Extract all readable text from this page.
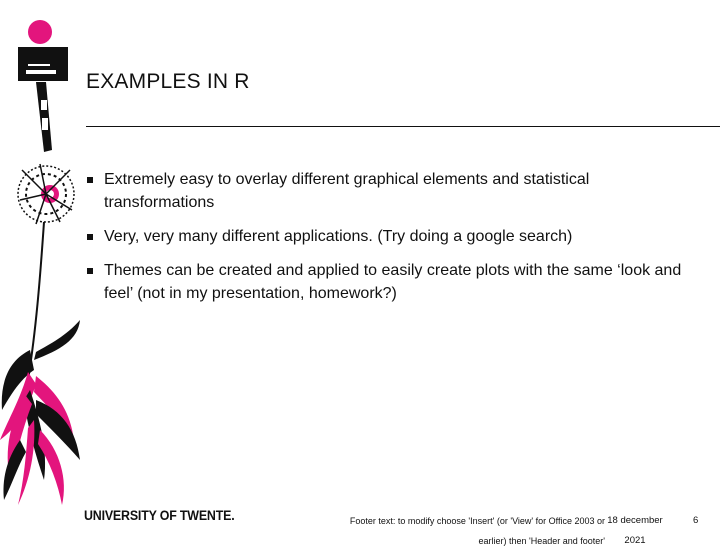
EXAMPLES IN R
Extremely easy to overlay different graphical elements and statistical transformations
Very, very many different applications. (Try doing a google search)
Themes can be created and applied to easily create plots with the same ‘look and feel’ (not in my presentation, homework?)
UNIVERSITY OF TWENTE.	Footer text: to modify choose 'Insert' (or 'View' for Office 2003 or
earlier) then 'Header and footer'
18 december
2021
6
